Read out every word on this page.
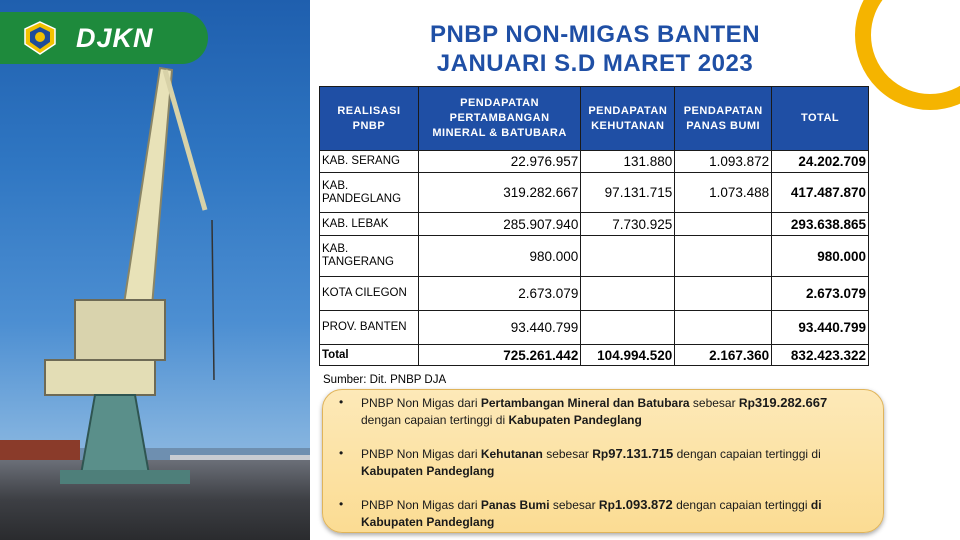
DJKN	PNBP NON-MIGAS BANTEN
JANUARI S.D MARET 2023
REALISASI PNBP	PENDAPATAN PERTAMBANGAN MINERAL & BATUBARA	PENDAPATAN KEHUTANAN	PENDAPATAN PANAS BUMI	TOTAL
KAB. SERANG	22.976.957	131.880	1.093.872	24.202.709
KAB. PANDEGLANG	319.282.667	97.131.715	1.073.488	417.487.870
KAB. LEBAK	285.907.940	7.730.925		293.638.865
KAB. TANGERANG	980.000			980.000
KOTA CILEGON	2.673.079			2.673.079
PROV. BANTEN	93.440.799			93.440.799
Total	725.261.442	104.994.520	2.167.360	832.423.322
Sumber: Dit. PNBP DJA
• PNBP Non Migas dari Pertambangan Mineral dan Batubara sebesar Rp319.282.667 dengan capaian tertinggi di Kabupaten Pandeglang
• PNBP Non Migas dari Kehutanan sebesar Rp97.131.715 dengan capaian tertinggi di Kabupaten Pandeglang
• PNBP Non Migas dari Panas Bumi sebesar Rp1.093.872 dengan capaian tertinggi di Kabupaten Pandeglang
